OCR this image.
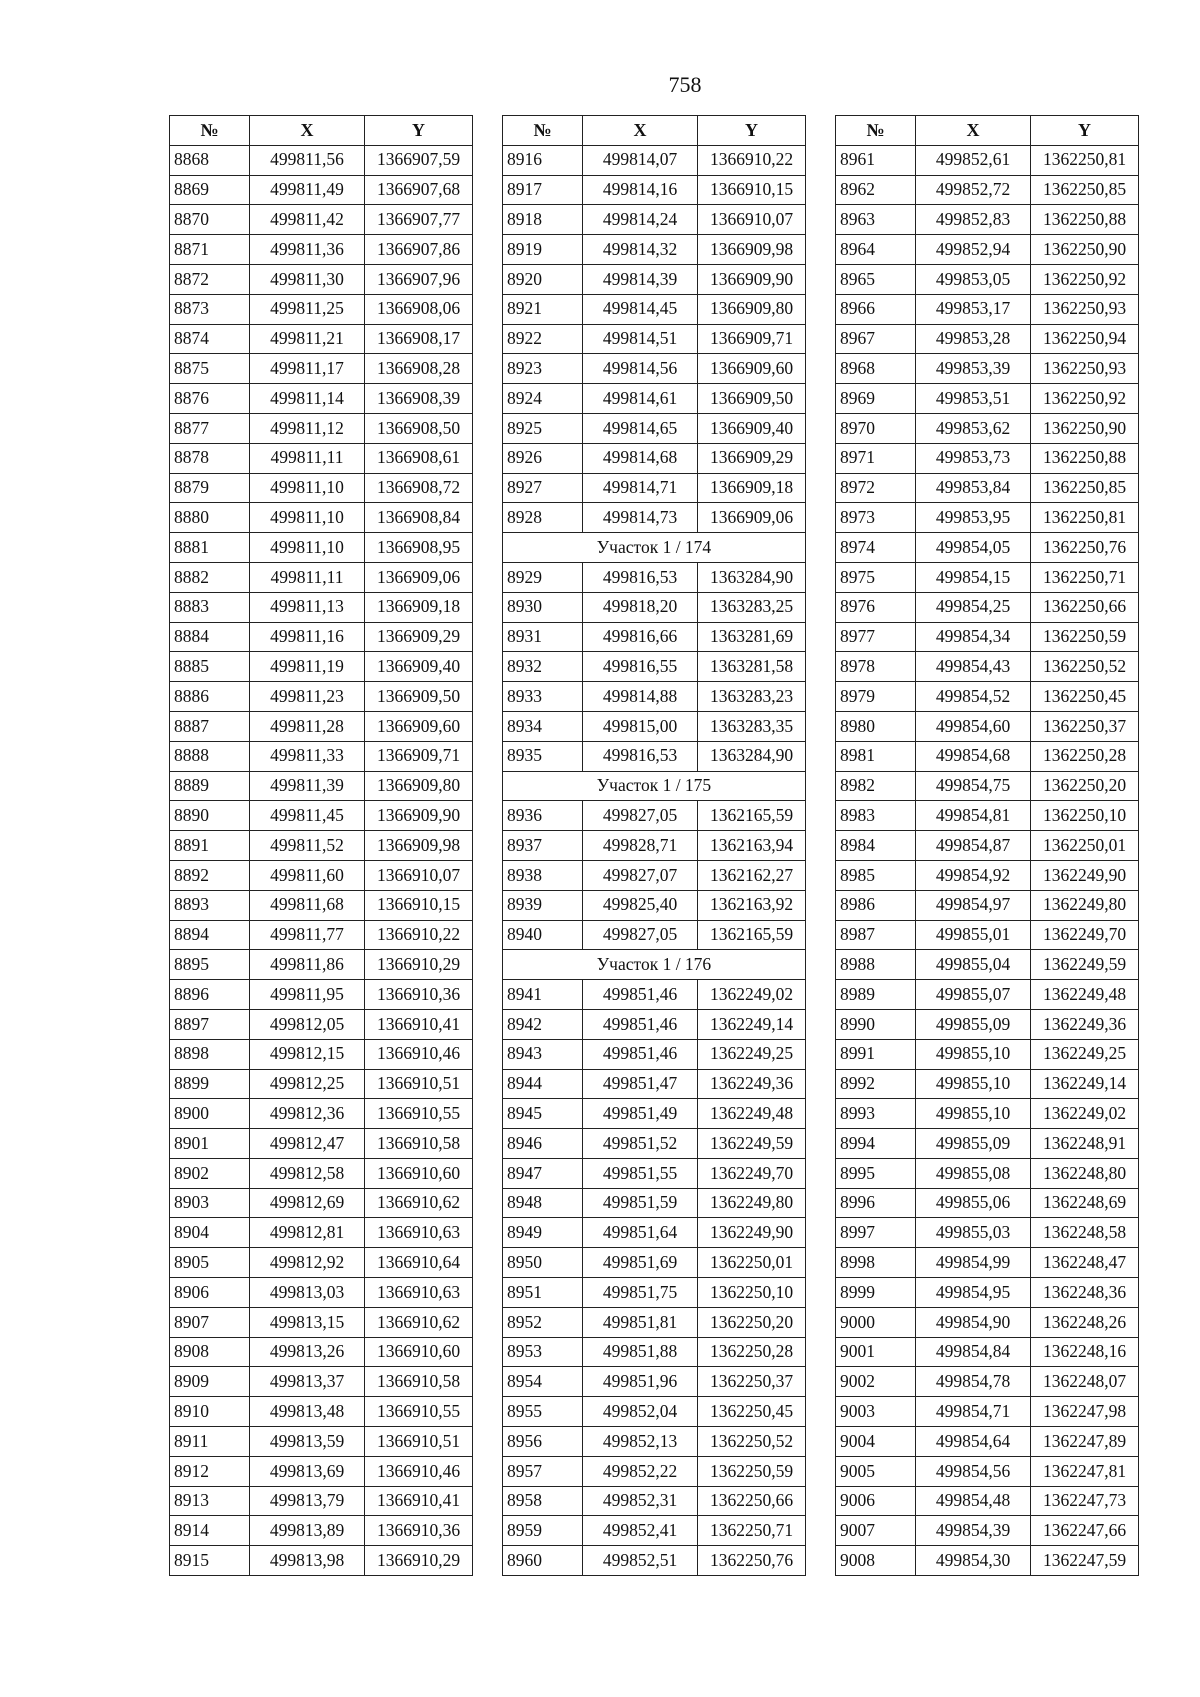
758
№	X	Y
8868	499811,56	1366907,59
8869	499811,49	1366907,68
8870	499811,42	1366907,77
8871	499811,36	1366907,86
8872	499811,30	1366907,96
8873	499811,25	1366908,06
8874	499811,21	1366908,17
8875	499811,17	1366908,28
8876	499811,14	1366908,39
8877	499811,12	1366908,50
8878	499811,11	1366908,61
8879	499811,10	1366908,72
8880	499811,10	1366908,84
8881	499811,10	1366908,95
8882	499811,11	1366909,06
8883	499811,13	1366909,18
8884	499811,16	1366909,29
8885	499811,19	1366909,40
8886	499811,23	1366909,50
8887	499811,28	1366909,60
8888	499811,33	1366909,71
8889	499811,39	1366909,80
8890	499811,45	1366909,90
8891	499811,52	1366909,98
8892	499811,60	1366910,07
8893	499811,68	1366910,15
8894	499811,77	1366910,22
8895	499811,86	1366910,29
8896	499811,95	1366910,36
8897	499812,05	1366910,41
8898	499812,15	1366910,46
8899	499812,25	1366910,51
8900	499812,36	1366910,55
8901	499812,47	1366910,58
8902	499812,58	1366910,60
8903	499812,69	1366910,62
8904	499812,81	1366910,63
8905	499812,92	1366910,64
8906	499813,03	1366910,63
8907	499813,15	1366910,62
8908	499813,26	1366910,60
8909	499813,37	1366910,58
8910	499813,48	1366910,55
8911	499813,59	1366910,51
8912	499813,69	1366910,46
8913	499813,79	1366910,41
8914	499813,89	1366910,36
8915	499813,98	1366910,29
№	X	Y
8916	499814,07	1366910,22
8917	499814,16	1366910,15
8918	499814,24	1366910,07
8919	499814,32	1366909,98
8920	499814,39	1366909,90
8921	499814,45	1366909,80
8922	499814,51	1366909,71
8923	499814,56	1366909,60
8924	499814,61	1366909,50
8925	499814,65	1366909,40
8926	499814,68	1366909,29
8927	499814,71	1366909,18
8928	499814,73	1366909,06
Участок 1 / 174		
8929	499816,53	1363284,90
8930	499818,20	1363283,25
8931	499816,66	1363281,69
8932	499816,55	1363281,58
8933	499814,88	1363283,23
8934	499815,00	1363283,35
8935	499816,53	1363284,90
Участок 1 / 175		
8936	499827,05	1362165,59
8937	499828,71	1362163,94
8938	499827,07	1362162,27
8939	499825,40	1362163,92
8940	499827,05	1362165,59
Участок 1 / 176		
8941	499851,46	1362249,02
8942	499851,46	1362249,14
8943	499851,46	1362249,25
8944	499851,47	1362249,36
8945	499851,49	1362249,48
8946	499851,52	1362249,59
8947	499851,55	1362249,70
8948	499851,59	1362249,80
8949	499851,64	1362249,90
8950	499851,69	1362250,01
8951	499851,75	1362250,10
8952	499851,81	1362250,20
8953	499851,88	1362250,28
8954	499851,96	1362250,37
8955	499852,04	1362250,45
8956	499852,13	1362250,52
8957	499852,22	1362250,59
8958	499852,31	1362250,66
8959	499852,41	1362250,71
8960	499852,51	1362250,76
№	X	Y
8961	499852,61	1362250,81
8962	499852,72	1362250,85
8963	499852,83	1362250,88
8964	499852,94	1362250,90
8965	499853,05	1362250,92
8966	499853,17	1362250,93
8967	499853,28	1362250,94
8968	499853,39	1362250,93
8969	499853,51	1362250,92
8970	499853,62	1362250,90
8971	499853,73	1362250,88
8972	499853,84	1362250,85
8973	499853,95	1362250,81
8974	499854,05	1362250,76
8975	499854,15	1362250,71
8976	499854,25	1362250,66
8977	499854,34	1362250,59
8978	499854,43	1362250,52
8979	499854,52	1362250,45
8980	499854,60	1362250,37
8981	499854,68	1362250,28
8982	499854,75	1362250,20
8983	499854,81	1362250,10
8984	499854,87	1362250,01
8985	499854,92	1362249,90
8986	499854,97	1362249,80
8987	499855,01	1362249,70
8988	499855,04	1362249,59
8989	499855,07	1362249,48
8990	499855,09	1362249,36
8991	499855,10	1362249,25
8992	499855,10	1362249,14
8993	499855,10	1362249,02
8994	499855,09	1362248,91
8995	499855,08	1362248,80
8996	499855,06	1362248,69
8997	499855,03	1362248,58
8998	499854,99	1362248,47
8999	499854,95	1362248,36
9000	499854,90	1362248,26
9001	499854,84	1362248,16
9002	499854,78	1362248,07
9003	499854,71	1362247,98
9004	499854,64	1362247,89
9005	499854,56	1362247,81
9006	499854,48	1362247,73
9007	499854,39	1362247,66
9008	499854,30	1362247,59
